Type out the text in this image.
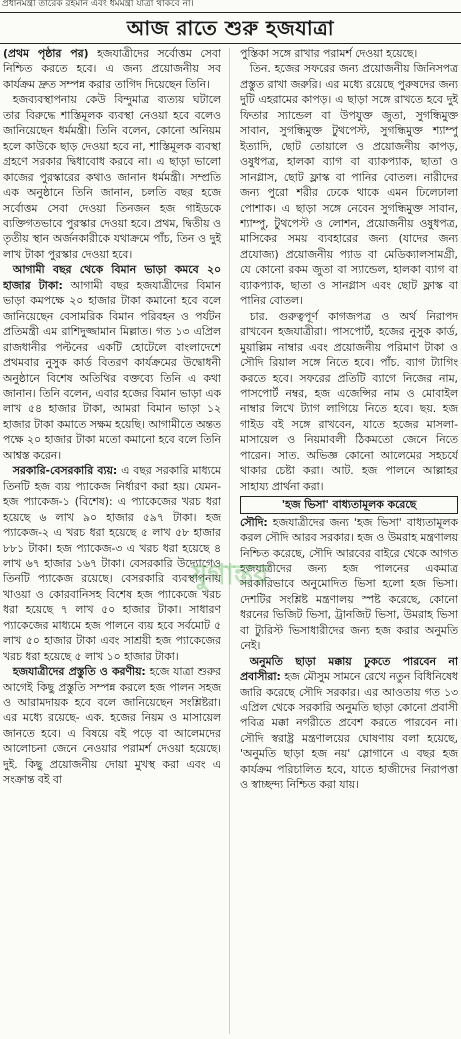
প্রধানমন্ত্রী তারেক রহমান এবং ধর্মমন্ত্রী যাত্রা থাকবে না।
আজ রাতে শুরু হজযাত্রা

(প্রথম পৃষ্ঠার পর) হজযাত্রীদের সর্বোত্তম সেবা নিশ্চিত করতে হবে। এ জন্য প্রয়োজনীয় সব কার্যক্রম দ্রুত সম্পন্ন করার তাগিদ দিয়েছেন তিনি।

হজব্যবস্থাপনায় কেউ বিন্দুমাত্র ব্যত্যয় ঘটালে তার বিরুদ্ধে শাস্তিমূলক ব্যবস্থা নেওয়া হবে বলেও জানিয়েছেন ধর্মমন্ত্রী। তিনি বলেন, কোনো অনিয়ম হলে কাউকে ছাড় দেওয়া হবে না, শাস্তিমূলক ব্যবস্থা গ্রহণে সরকার দ্বিধাবোধ করবে না। এ ছাড়া ভালো কাজের পুরস্কারের কথাও জানান ধর্মমন্ত্রী। সম্প্রতি এক অনুষ্ঠানে তিনি জানান, চলতি বছর হজে সর্বোত্তম সেবা দেওয়া তিনজন হজ গাইডকে ব্যক্তিগতভাবে পুরস্কার দেওয়া হবে। প্রথম, দ্বিতীয় ও তৃতীয় স্থান অর্জনকারীকে যথাক্রমে পাঁচ, তিন ও দুই লাখ টাকা পুরস্কার দেওয়া হবে।

আগামী বছর থেকে বিমান ভাড়া কমবে ২০ হাজার টাকা: আগামী বছর হজযাত্রীদের বিমান ভাড়া কমপক্ষে ২০ হাজার টাকা কমানো হবে বলে জানিয়েছেন বেসামরিক বিমান পরিবহন ও পর্যটন প্রতিমন্ত্রী এম রাশিদুজ্জামান মিল্লাত। গত ১৩ এপ্রিল রাজধানীর পল্টনের একটি হোটেলে বাংলাদেশে প্রথমবার নুসুক কার্ড বিতরণ কার্যক্রমের উদ্বোধনী অনুষ্ঠানে বিশেষ অতিথির বক্তব্যে তিনি এ কথা জানান। তিনি বলেন, এবার হজের বিমান ভাড়া এক লাখ ৫৪ হাজার টাকা, আমরা বিমান ভাড়া ১২ হাজার টাকা কমাতে সক্ষম হয়েছি। আগামীতে অন্তত পক্ষে ২০ হাজার টাকা মতো কমানো হবে বলে তিনি আশ্বস্ত করেন।

সরকারি-বেসরকারি ব্যয়: এ বছর সরকারি মাধ্যমে তিনটি হজ ব্যয় প্যাকেজ নির্ধারণ করা হয়। যেমন- হজ প্যাকেজ-১ (বিশেষ): এ প্যাকেজের খরচ ধরা হয়েছে ৬ লাখ ৯০ হাজার ৫৯৭ টাকা। হজ প্যাকেজ-২ এ খরচ ধরা হয়েছে ৫ লাখ ৫৮ হাজার ৮৮১ টাকা। হজ প্যাকেজ-৩ এ খরচ ধরা হয়েছে ৪ লাখ ৬৭ হাজার ১৬৭ টাকা। বেসরকারি উদ্যোগেও তিনটি প্যাকেজ রয়েছে। বেসরকারি ব্যবস্থাপনায় খাওয়া ও কোরবানিসহ বিশেষ হজ প্যাকেজে খরচ ধরা হয়েছে ৭ লাখ ৫০ হাজার টাকা। সাধারণ প্যাকেজের মাধ্যমে হজ পালনে ব্যয় হবে সর্বমোট ৫ লাখ ৫০ হাজার টাকা এবং সাশ্রয়ী হজ প্যাকেজের খরচ ধরা হয়েছে ৫ লাখ ১০ হাজার টাকা।

হজযাত্রীদের প্রস্তুতি ও করণীয়: হজে যাত্রা শুরুর আগেই কিছু প্রস্তুতি সম্পন্ন করলে হজ পালন সহজ ও আরামদায়ক হবে বলে জানিয়েছেন সংশ্লিষ্টরা। এর মধ্যে রয়েছে- এক. হজের নিয়ম ও মাসায়েল জানতে হবে। এ বিষয়ে বই পড়ে বা আলেমদের আলোচনা জেনে নেওয়ার পরামর্শ দেওয়া হয়েছে। দুই. কিছু প্রয়োজনীয় দোয়া মুখস্থ করা এবং এ সংক্রান্ত বই বা

পুস্তিকা সঙ্গে রাখার পরামর্শ দেওয়া হয়েছে।

তিন. হজের সফরের জন্য প্রয়োজনীয় জিনিসপত্র প্রস্তুত রাখা জরুরি। এর মধ্যে রয়েছে পুরুষদের জন্য দুটি এহরামের কাপড়। এ ছাড়া সঙ্গে রাখতে হবে দুই ফিতার স্যান্ডেল বা উপযুক্ত জুতা, সুগন্ধিমুক্ত সাবান, সুগন্ধিমুক্ত টুথপেস্ট, সুগন্ধিমুক্ত শ্যাম্পু ইত্যাদি, ছোট তোয়ালে ও প্রয়োজনীয় কাপড়, ওষুধপত্র, হালকা ব্যাগ বা ব্যাকপ্যাক, ছাতা ও সানগ্লাস, ছোট ফ্লাস্ক বা পানির বোতল। নারীদের জন্য পুরো শরীর ঢেকে থাকে এমন ঢিলেঢালা পোশাক। এ ছাড়া সঙ্গে নেবেন সুগন্ধিমুক্ত সাবান, শ্যাম্পু, টুথপেস্ট ও লোশন, প্রয়োজনীয় ওষুধপত্র, মাসিকের সময় ব্যবহারের জন্য (যাদের জন্য প্রযোজ্য) প্রয়োজনীয় প্যাড বা মেডিক্যালসামগ্রী, যে কোনো রকম জুতা বা স্যান্ডেল, হালকা ব্যাগ বা ব্যাকপ্যাক, ছাতা ও সানগ্লাস এবং ছোট ফ্লাস্ক বা পানির বোতল।

চার. গুরুত্বপূর্ণ কাগজপত্র ও অর্থ নিরাপদ রাখবেন হজযাত্রীরা। পাসপোর্ট, হজের নুসুক কার্ড, মুয়াল্লিম নাম্বার এবং প্রয়োজনীয় পরিমাণ টাকা ও সৌদি রিয়াল সঙ্গে নিতে হবে। পাঁচ. ব্যাগ ট্যাগিং করতে হবে। সফরের প্রতিটি ব্যাগে নিজের নাম, পাসপোর্ট নম্বর, হজ এজেন্সির নাম ও মোবাইল নাম্বার লিখে ট্যাগ লাগিয়ে নিতে হবে। ছয়. হজ গাইড বই সঙ্গে রাখবেন, যাতে হজের মাসলা-মাসায়েল ও নিয়মাবলী ঠিকমতো জেনে নিতে পারেন। সাত. অভিজ্ঞ কোনো আলেমের সহচর্যে থাকার চেষ্টা করা। আট. হজ পালনে আল্লাহর সাহায্য প্রার্থনা করা।

'হজ ভিসা' বাধ্যতামূলক করেছে

সৌদি: হজযাত্রীদের জন্য 'হজ ভিসা' বাধ্যতামূলক করল সৌদি আরব সরকার। হজ ও উমরাহ মন্ত্রণালয় নিশ্চিত করেছে, সৌদি আরবের বাইরে থেকে আগত হজযাত্রীদের জন্য হজ পালনের একমাত্র সরকারিভাবে অনুমোদিত ভিসা হলো হজ ভিসা। দেশটির সংশ্লিষ্ট মন্ত্রণালয় স্পষ্ট করেছে, কোনো ধরনের ভিজিট ভিসা, ট্রানজিট ভিসা, উমরাহ ভিসা বা ট্যুরিস্ট ভিসাধারীদের জন্য হজ করার অনুমতি নেই।

অনুমতি ছাড়া মক্কায় ঢুকতে পারবেন না প্রবাসীরা: হজ মৌসুম সামনে রেখে নতুন বিধিনিষেধ জারি করেছে সৌদি সরকার। এর আওতায় গত ১৩ এপ্রিল থেকে সরকারি অনুমতি ছাড়া কোনো প্রবাসী পবিত্র মক্কা নগরীতে প্রবেশ করতে পারবেন না। সৌদি স্বরাষ্ট্র মন্ত্রণালয়ের ঘোষণায় বলা হয়েছে, 'অনুমতি ছাড়া হজ নয়' স্লোগানে এ বছর হজ কার্যক্রম পরিচালিত হবে, যাতে হাজীদের নিরাপত্তা ও স্বাচ্ছন্দ্য নিশ্চিত করা যায়।

যুগান্তর
